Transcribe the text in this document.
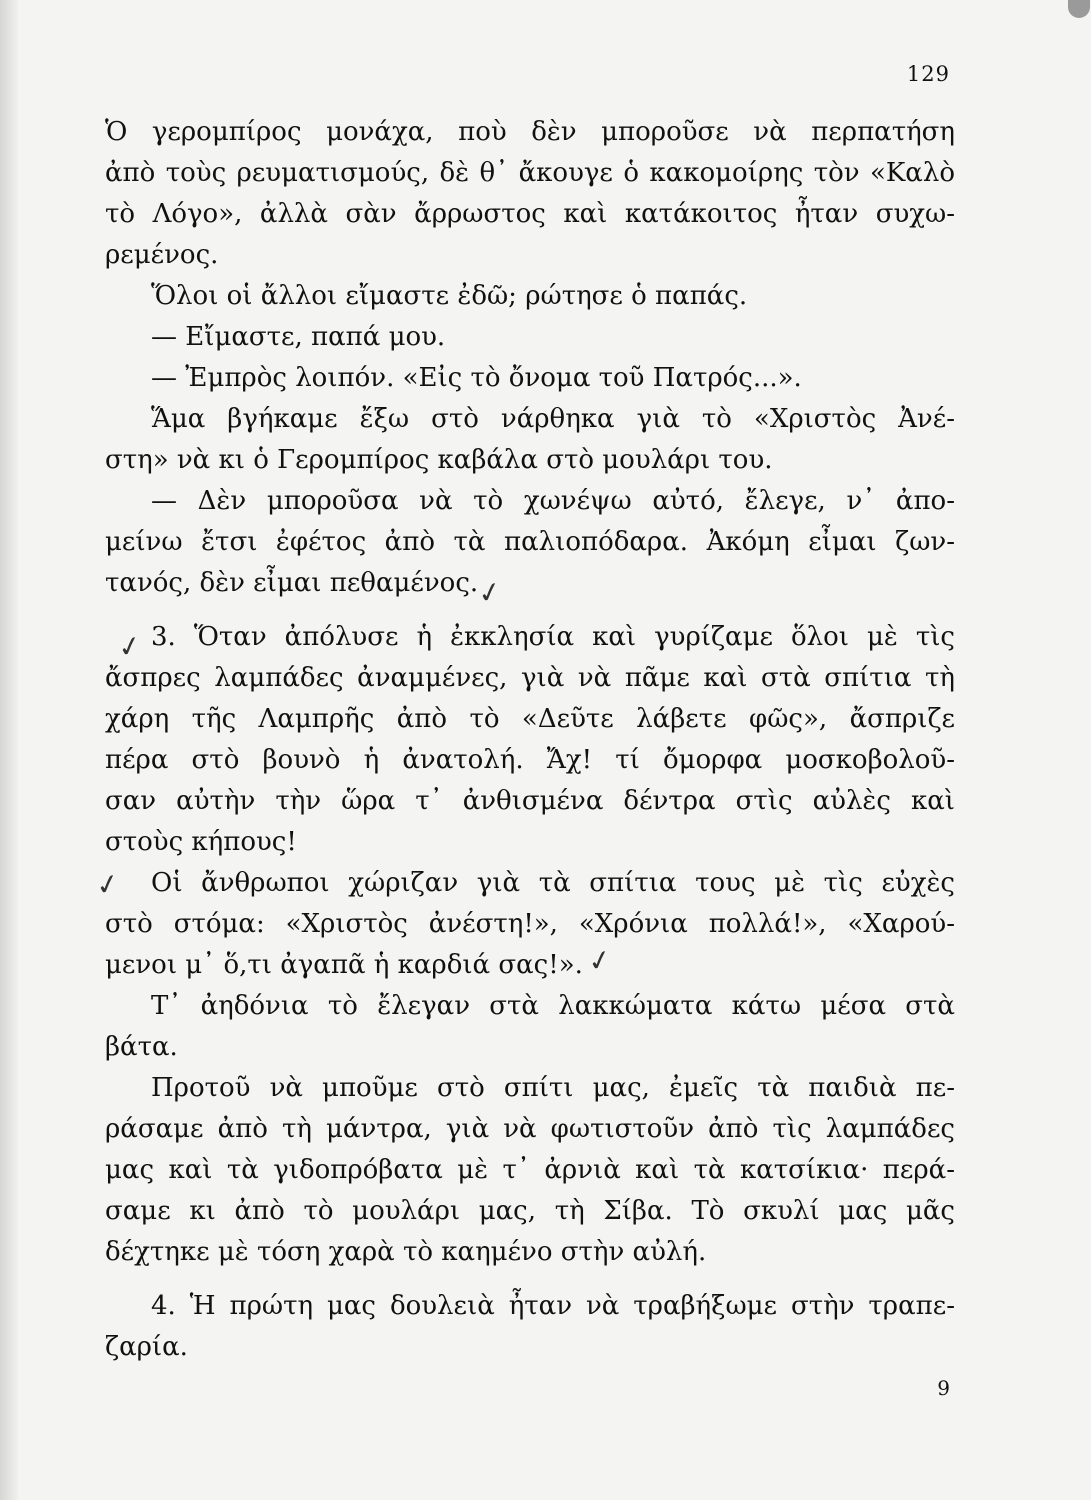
129
Ὁ γερομπίρος μονάχα, ποὺ δὲν μποροῦσε νὰ περπατήση
ἀπὸ τοὺς ρευματισμούς, δὲ θ᾿ ἄκουγε ὁ κακομοίρης τὸν «Καλὸ
τὸ Λόγο», ἀλλὰ σὰν ἄρρωστος καὶ κατάκοιτος ἦταν συχω-
ρεμένος.
Ὅλοι οἱ ἄλλοι εἴμαστε ἐδῶ; ρώτησε ὁ παπάς.
— Εἴμαστε, παπά μου.
— Ἐμπρὸς λοιπόν. «Εἰς τὸ ὄνομα τοῦ Πατρός...».
Ἅμα βγήκαμε ἔξω στὸ νάρθηκα γιὰ τὸ «Χριστὸς Ἀνέ-
στη» νὰ κι ὁ Γερομπίρος καβάλα στὸ μουλάρι του.
— Δὲν μποροῦσα νὰ τὸ χωνέψω αὐτό, ἔλεγε, ν᾿ ἀπο-
μείνω ἔτσι ἐφέτος ἀπὸ τὰ παλιοπόδαρα. Ἀκόμη εἶμαι ζων-
τανός, δὲν εἶμαι πεθαμένος.
3. Ὅταν ἀπόλυσε ἡ ἐκκλησία καὶ γυρίζαμε ὅλοι μὲ τὶς
ἄσπρες λαμπάδες ἀναμμένες, γιὰ νὰ πᾶμε καὶ στὰ σπίτια τὴ
χάρη τῆς Λαμπρῆς ἀπὸ τὸ «Δεῦτε λάβετε φῶς», ἄσπριζε
πέρα στὸ βουνὸ ἡ ἀνατολή. Ἄχ! τί ὄμορφα μοσκοβολοῦ-
σαν αὐτὴν τὴν ὥρα τ᾿ ἀνθισμένα δέντρα στὶς αὐλὲς καὶ
στοὺς κήπους!
Οἱ ἄνθρωποι χώριζαν γιὰ τὰ σπίτια τους μὲ τὶς εὐχὲς
στὸ στόμα: «Χριστὸς ἀνέστη!», «Χρόνια πολλά!», «Χαρού-
μενοι μ᾿ ὅ,τι ἀγαπᾶ ἡ καρδιά σας!».
Τ᾿ ἀηδόνια τὸ ἔλεγαν στὰ λακκώματα κάτω μέσα στὰ
βάτα.
Προτοῦ νὰ μποῦμε στὸ σπίτι μας, ἐμεῖς τὰ παιδιὰ πε-
ράσαμε ἀπὸ τὴ μάντρα, γιὰ νὰ φωτιστοῦν ἀπὸ τὶς λαμπάδες
μας καὶ τὰ γιδοπρόβατα μὲ τ᾿ ἀρνιὰ καὶ τὰ κατσίκια· περά-
σαμε κι ἀπὸ τὸ μουλάρι μας, τὴ Σίβα. Τὸ σκυλί μας μᾶς
δέχτηκε μὲ τόση χαρὰ τὸ καημένο στὴν αὐλή.
4. Ἡ πρώτη μας δουλειὰ ἦταν νὰ τραβήξωμε στὴν τραπε-
ζαρία.
✓
✓
✓
✓
9
